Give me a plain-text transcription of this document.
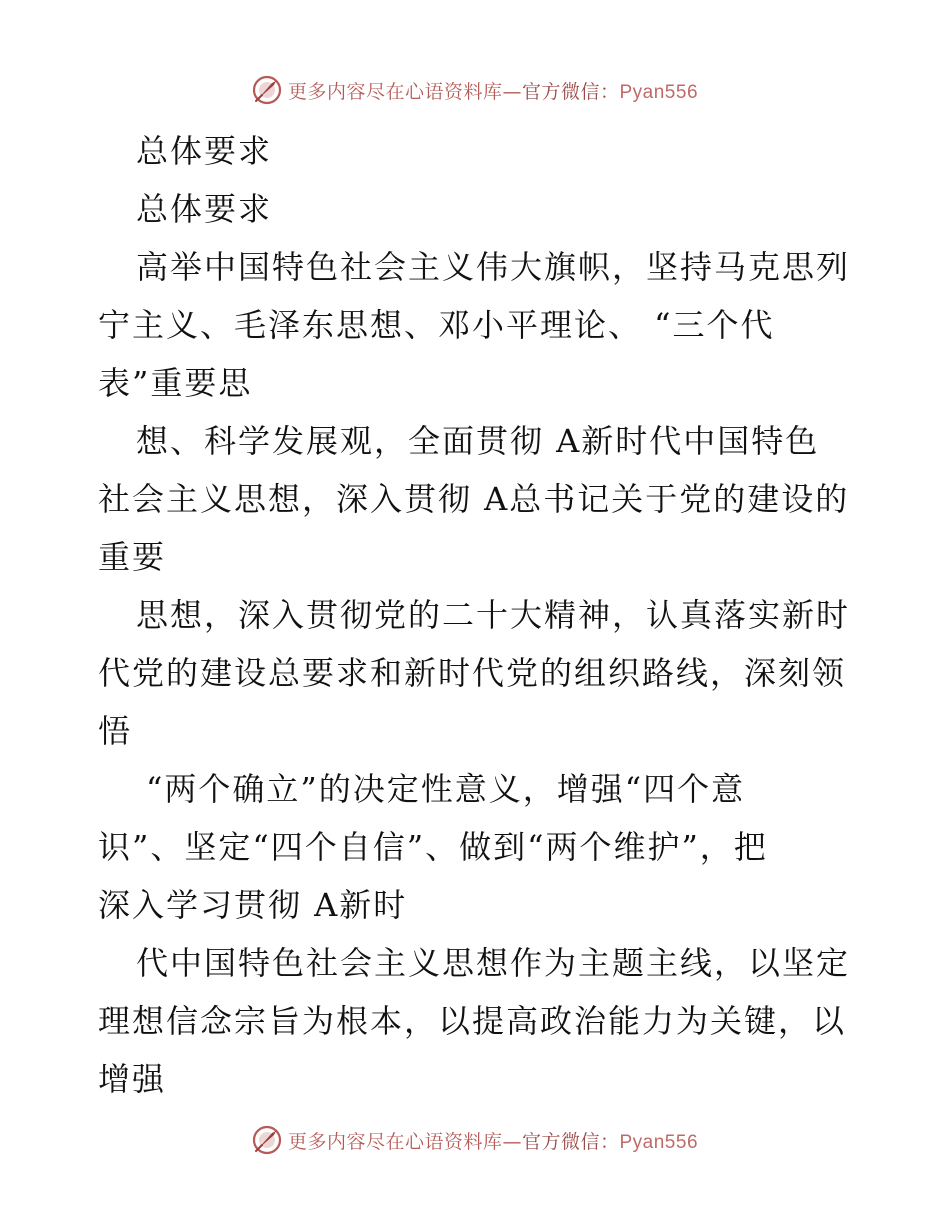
更多内容尽在心语资料库—官方微信：Pyan556
总体要求
总体要求
高举中国特色社会主义伟大旗帜，坚持马克思列
宁主义、毛泽东思想、邓小平理论、 “三个代
表”重要思
想、科学发展观，全面贯彻 A新时代中国特色
社会主义思想，深入贯彻 A总书记关于党的建设的
重要
思想，深入贯彻党的二十大精神，认真落实新时
代党的建设总要求和新时代党的组织路线，深刻领
悟
“两个确立”的决定性意义，增强“四个意
识”、坚定“四个自信”、做到“两个维护”，把
深入学习贯彻 A新时
代中国特色社会主义思想作为主题主线，以坚定
理想信念宗旨为根本，以提高政治能力为关键，以
增强
更多内容尽在心语资料库—官方微信：Pyan556
